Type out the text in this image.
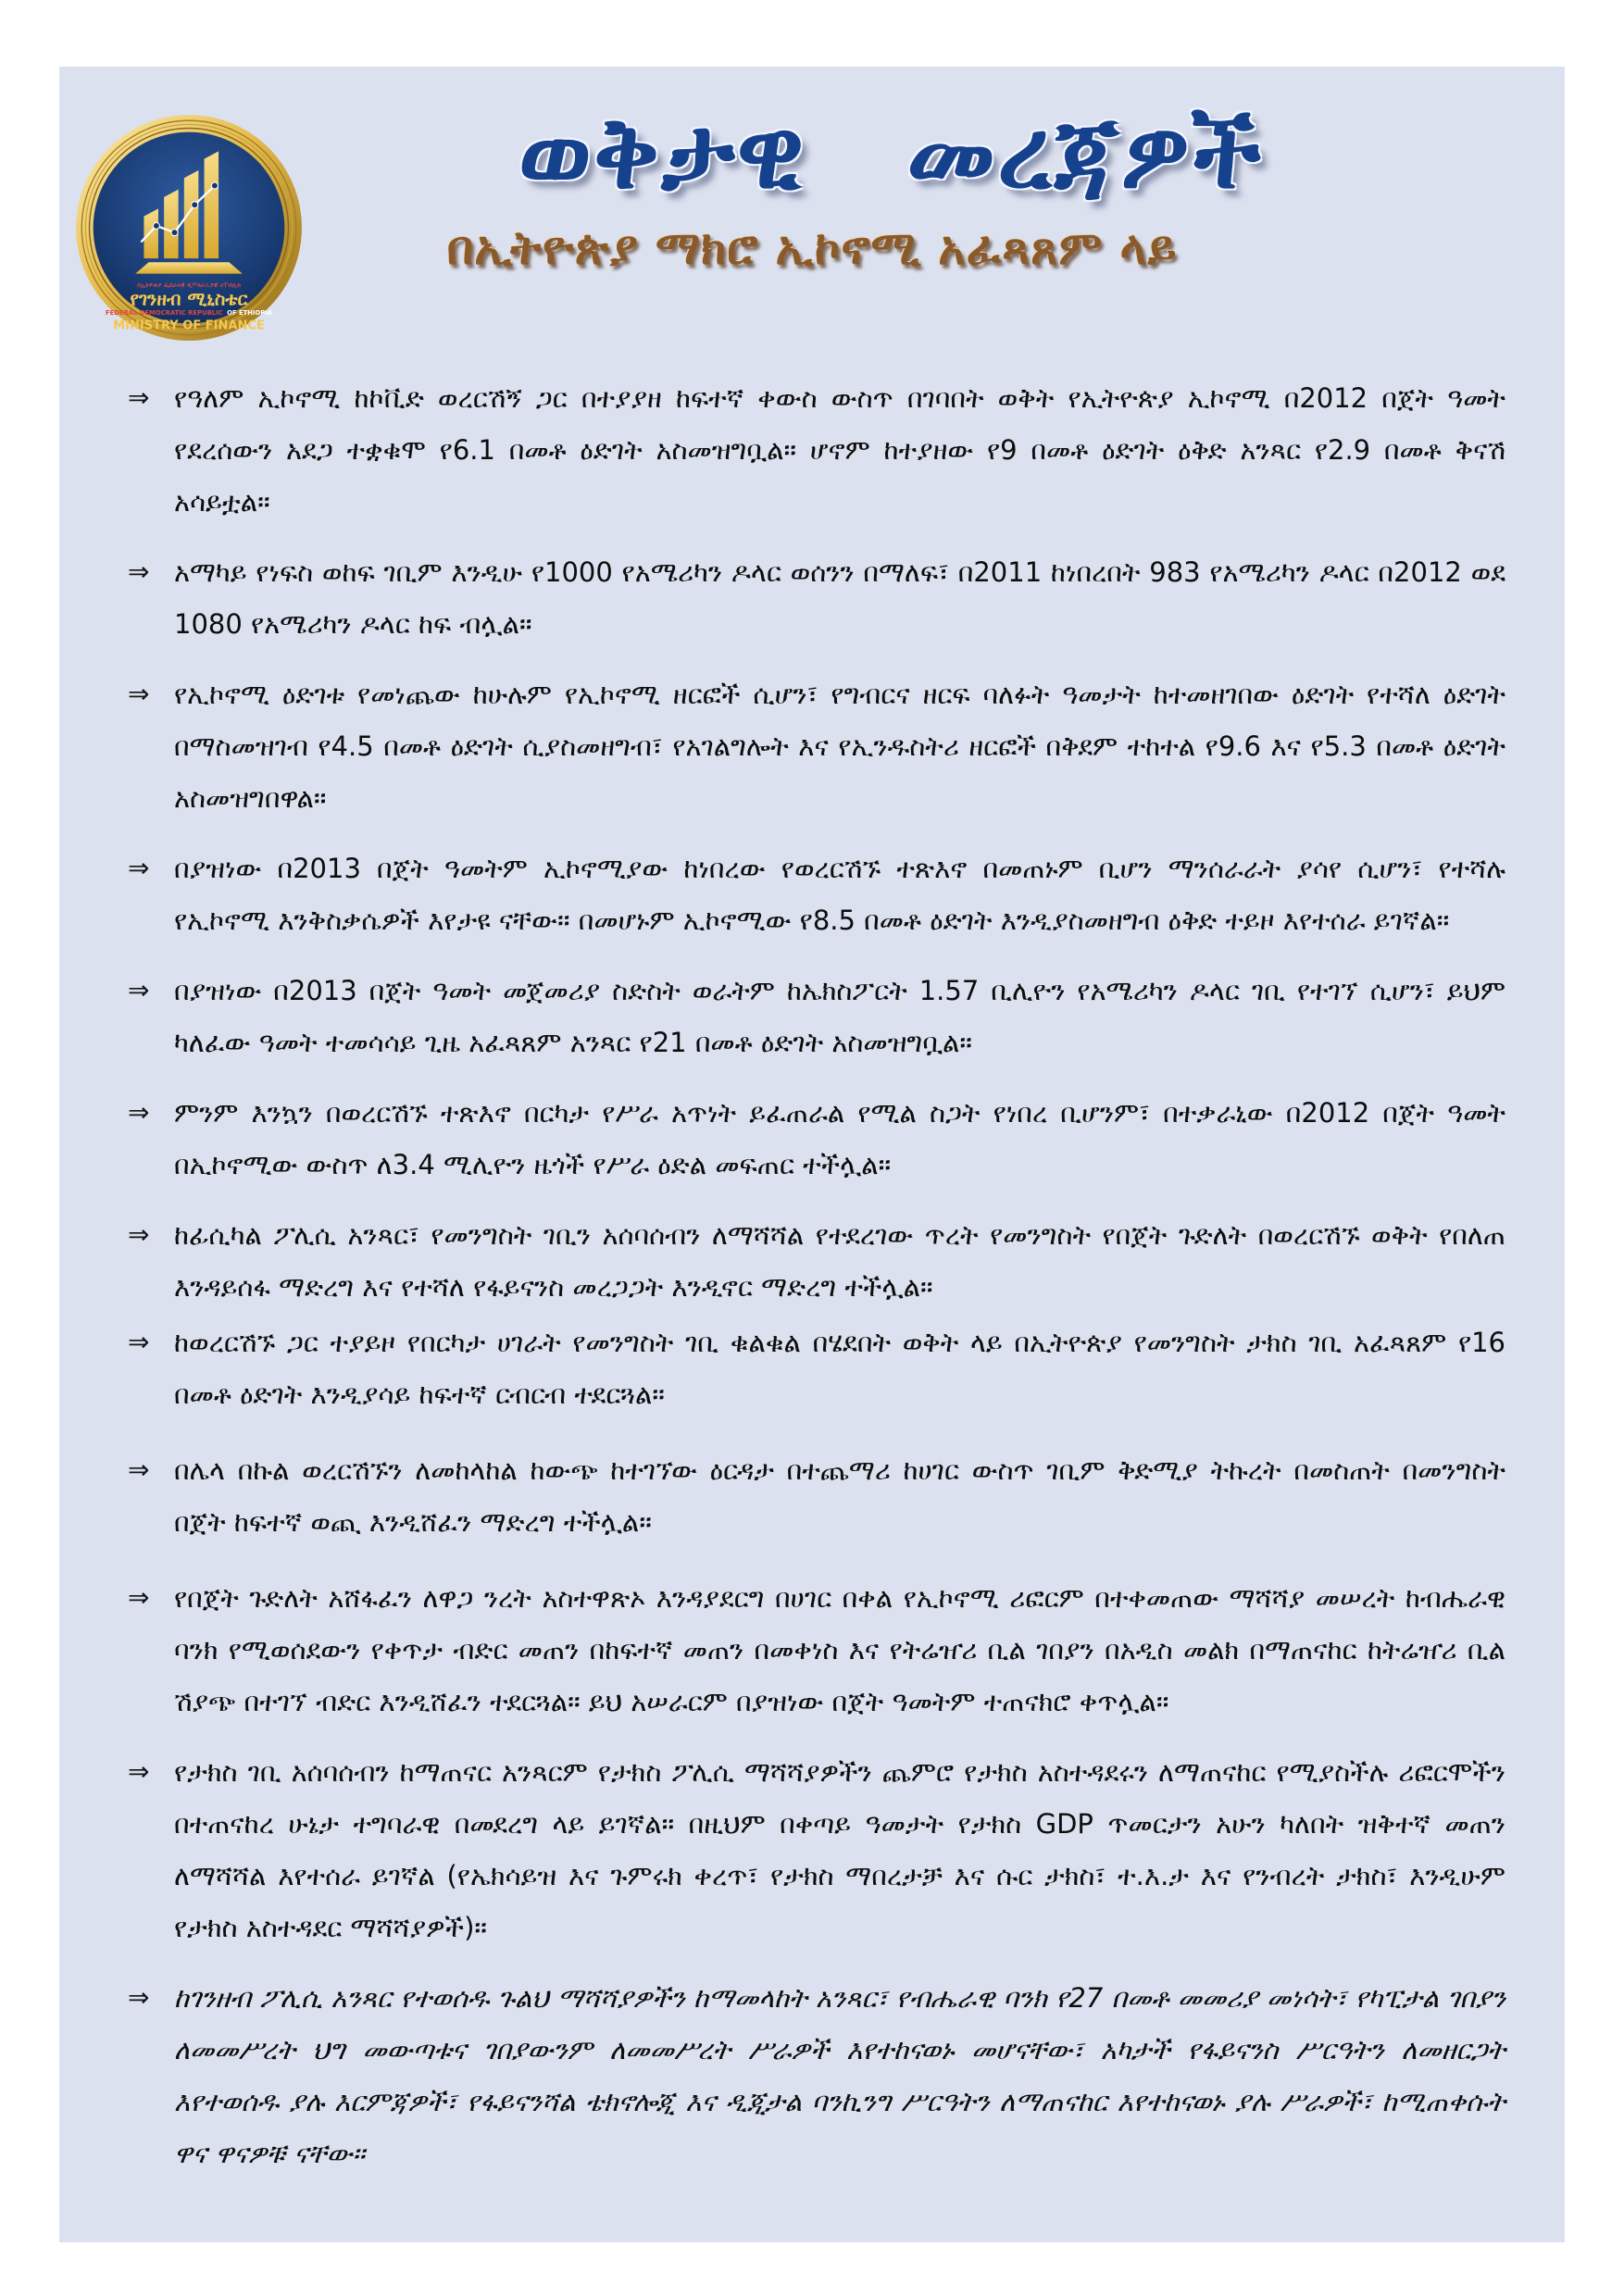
በኢትዮጵያ ፌደራላዊ ዲሞክራሲያዊ ሪፐብሊክ
የገንዘብ ሚኒስቴር
FEDERAL DEMOCRATIC REPUBLIC OF ETHIOPIA
MINISTRY OF FINANCE
ወቅታዊ መረጃዎች
በኢትዮጵያ ማክሮ ኢኮኖሚ አፈጻጸም ላይ
⇒ የዓለም ኢኮኖሚ ከኮቪድ ወረርሽኝ ጋር በተያያዘ ከፍተኛ ቀውስ ውስጥ በገባበት ወቅት የኢትዮጵያ ኢኮኖሚ በ2012 በጀት ዓመት የደረሰውን አደጋ ተቋቁሞ የ6.1 በመቶ ዕድገት አስመዝግቧል። ሆኖም ከተያዘው የ9 በመቶ ዕድገት ዕቅድ አንጻር የ2.9 በመቶ ቅናሽ አሳይቷል።

⇒ አማካይ የነፍስ ወከፍ ገቢም እንዲሁ የ1000 የአሜሪካን ዶላር ወሰንን በማለፍ፣ በ2011 ከነበረበት 983 የአሜሪካን ዶላር በ2012 ወደ 1080 የአሜሪካን ዶላር ከፍ ብሏል።

⇒ የኢኮኖሚ ዕድገቱ የመነጨው ከሁሉም የኢኮኖሚ ዘርፎች ሲሆን፣ የግብርና ዘርፍ ባለፉት ዓመታት ከተመዘገበው ዕድገት የተሻለ ዕድገት በማስመዝገብ የ4.5 በመቶ ዕድገት ሲያስመዘግብ፣ የአገልግሎት እና የኢንዱስትሪ ዘርፎች በቅደም ተከተል የ9.6 እና የ5.3 በመቶ ዕድገት አስመዝግበዋል።

⇒ በያዝነው በ2013 በጀት ዓመትም ኢኮኖሚያው ከነበረው የወረርሽኙ ተጽእኖ በመጠኑም ቢሆን ማንሰራራት ያሳየ ሲሆን፣ የተሻሉ የኢኮኖሚ እንቅስቃሴዎች እየታዩ ናቸው። በመሆኑም ኢኮኖሚው የ8.5 በመቶ ዕድገት እንዲያስመዘግብ ዕቅድ ተይዞ እየተሰራ ይገኛል።

⇒ በያዝነው በ2013 በጀት ዓመት መጀመሪያ ስድስት ወራትም ከኤክስፖርት 1.57 ቢሊዮን የአሜሪካን ዶላር ገቢ የተገኘ ሲሆን፣ ይህም ካለፈው ዓመት ተመሳሳይ ጊዜ አፈጻጸም አንጻር የ21 በመቶ ዕድገት አስመዝግቧል።

⇒ ምንም እንኳን በወረርሽኙ ተጽእኖ በርካታ የሥራ አጥነት ይፈጠራል የሚል ስጋት የነበረ ቢሆንም፣ በተቃራኒው በ2012 በጀት ዓመት በኢኮኖሚው ውስጥ ለ3.4 ሚሊዮን ዜጎች የሥራ ዕድል መፍጠር ተችሏል።

⇒ ከፊሲካል ፖሊሲ አንጻር፣ የመንግስት ገቢን አሰባሰብን ለማሻሻል የተደረገው ጥረት የመንግስት የበጀት ጉድለት በወረርሽኙ ወቅት የበለጠ እንዳይሰፋ ማድረግ እና የተሻለ የፋይናንስ መረጋጋት እንዲኖር ማድረግ ተችሏል።

⇒ ከወረርሽኙ ጋር ተያይዞ የበርካታ ሀገራት የመንግስት ገቢ ቁልቁል በሄደበት ወቅት ላይ በኢትዮጵያ የመንግስት ታክስ ገቢ አፈጻጸም የ16 በመቶ ዕድገት እንዲያሳይ ከፍተኛ ርብርብ ተደርጓል።

⇒ በሌላ በኩል ወረርሽኙን ለመከላከል ከውጭ ከተገኘው ዕርዳታ በተጨማሪ ከሀገር ውስጥ ገቢም ቅድሚያ ትኩረት በመስጠት በመንግስት በጀት ከፍተኛ ወጪ እንዲሸፈን ማድረግ ተችሏል።

⇒ የበጀት ጉድለት አሸፋፈን ለዋጋ ንረት አስተዋጽኦ እንዳያደርግ በሀገር በቀል የኢኮኖሚ ሪፎርም በተቀመጠው ማሻሻያ መሠረት ከብሔራዊ ባንክ የሚወሰደውን የቀጥታ ብድር መጠን በከፍተኛ መጠን በመቀነስ እና የትሬዠሪ ቢል ገበያን በአዲስ መልክ በማጠናከር ከትሬዠሪ ቢል ሽያጭ በተገኘ ብድር እንዲሸፈን ተደርጓል። ይህ አሠራርም በያዝነው በጀት ዓመትም ተጠናክሮ ቀጥሏል።

⇒ የታክስ ገቢ አሰባሰብን ከማጠናር አንጻርም የታክስ ፖሊሲ ማሻሻያዎችን ጨምሮ የታክስ አስተዳደሩን ለማጠናከር የሚያስችሉ ሪፎርሞችን በተጠናከረ ሁኔታ ተግባራዊ በመደረግ ላይ ይገኛል። በዚህም በቀጣይ ዓመታት የታክስ GDP ጥመርታን አሁን ካለበት ዝቅተኛ መጠን ለማሻሻል እየተሰራ ይገኛል (የኤክሳይዝ እና ጉምሩክ ቀረጥ፣ የታክስ ማበረታቻ እና ሱር ታክስ፣ ተ.እ.ታ እና የንብረት ታክስ፣ እንዲሁም የታክስ አስተዳደር ማሻሻያዎች)።

⇒ ከገንዘብ ፖሊሲ አንጻር የተወሰዱ ጉልህ ማሻሻያዎችን ከማመላከት አንጻር፣ የብሔራዊ ባንክ የ27 በመቶ መመሪያ መነሳት፣ የካፒታል ገበያን ለመመሥረት ህግ መውጣቱና ገበያውንም ለመመሥረት ሥራዎች እየተከናወኑ መሆናቸው፣ አካታች የፋይናንስ ሥርዓትን ለመዘርጋት እየተወሰዱ ያሉ እርምጃዎች፣ የፋይናንሻል ቴክኖሎጂ እና ዲጂታል ባንኪንግ ሥርዓትን ለማጠናከር እየተከናወኑ ያሉ ሥራዎች፣ ከሚጠቀሱት ዋና ዋናዎቹ ናቸው።
